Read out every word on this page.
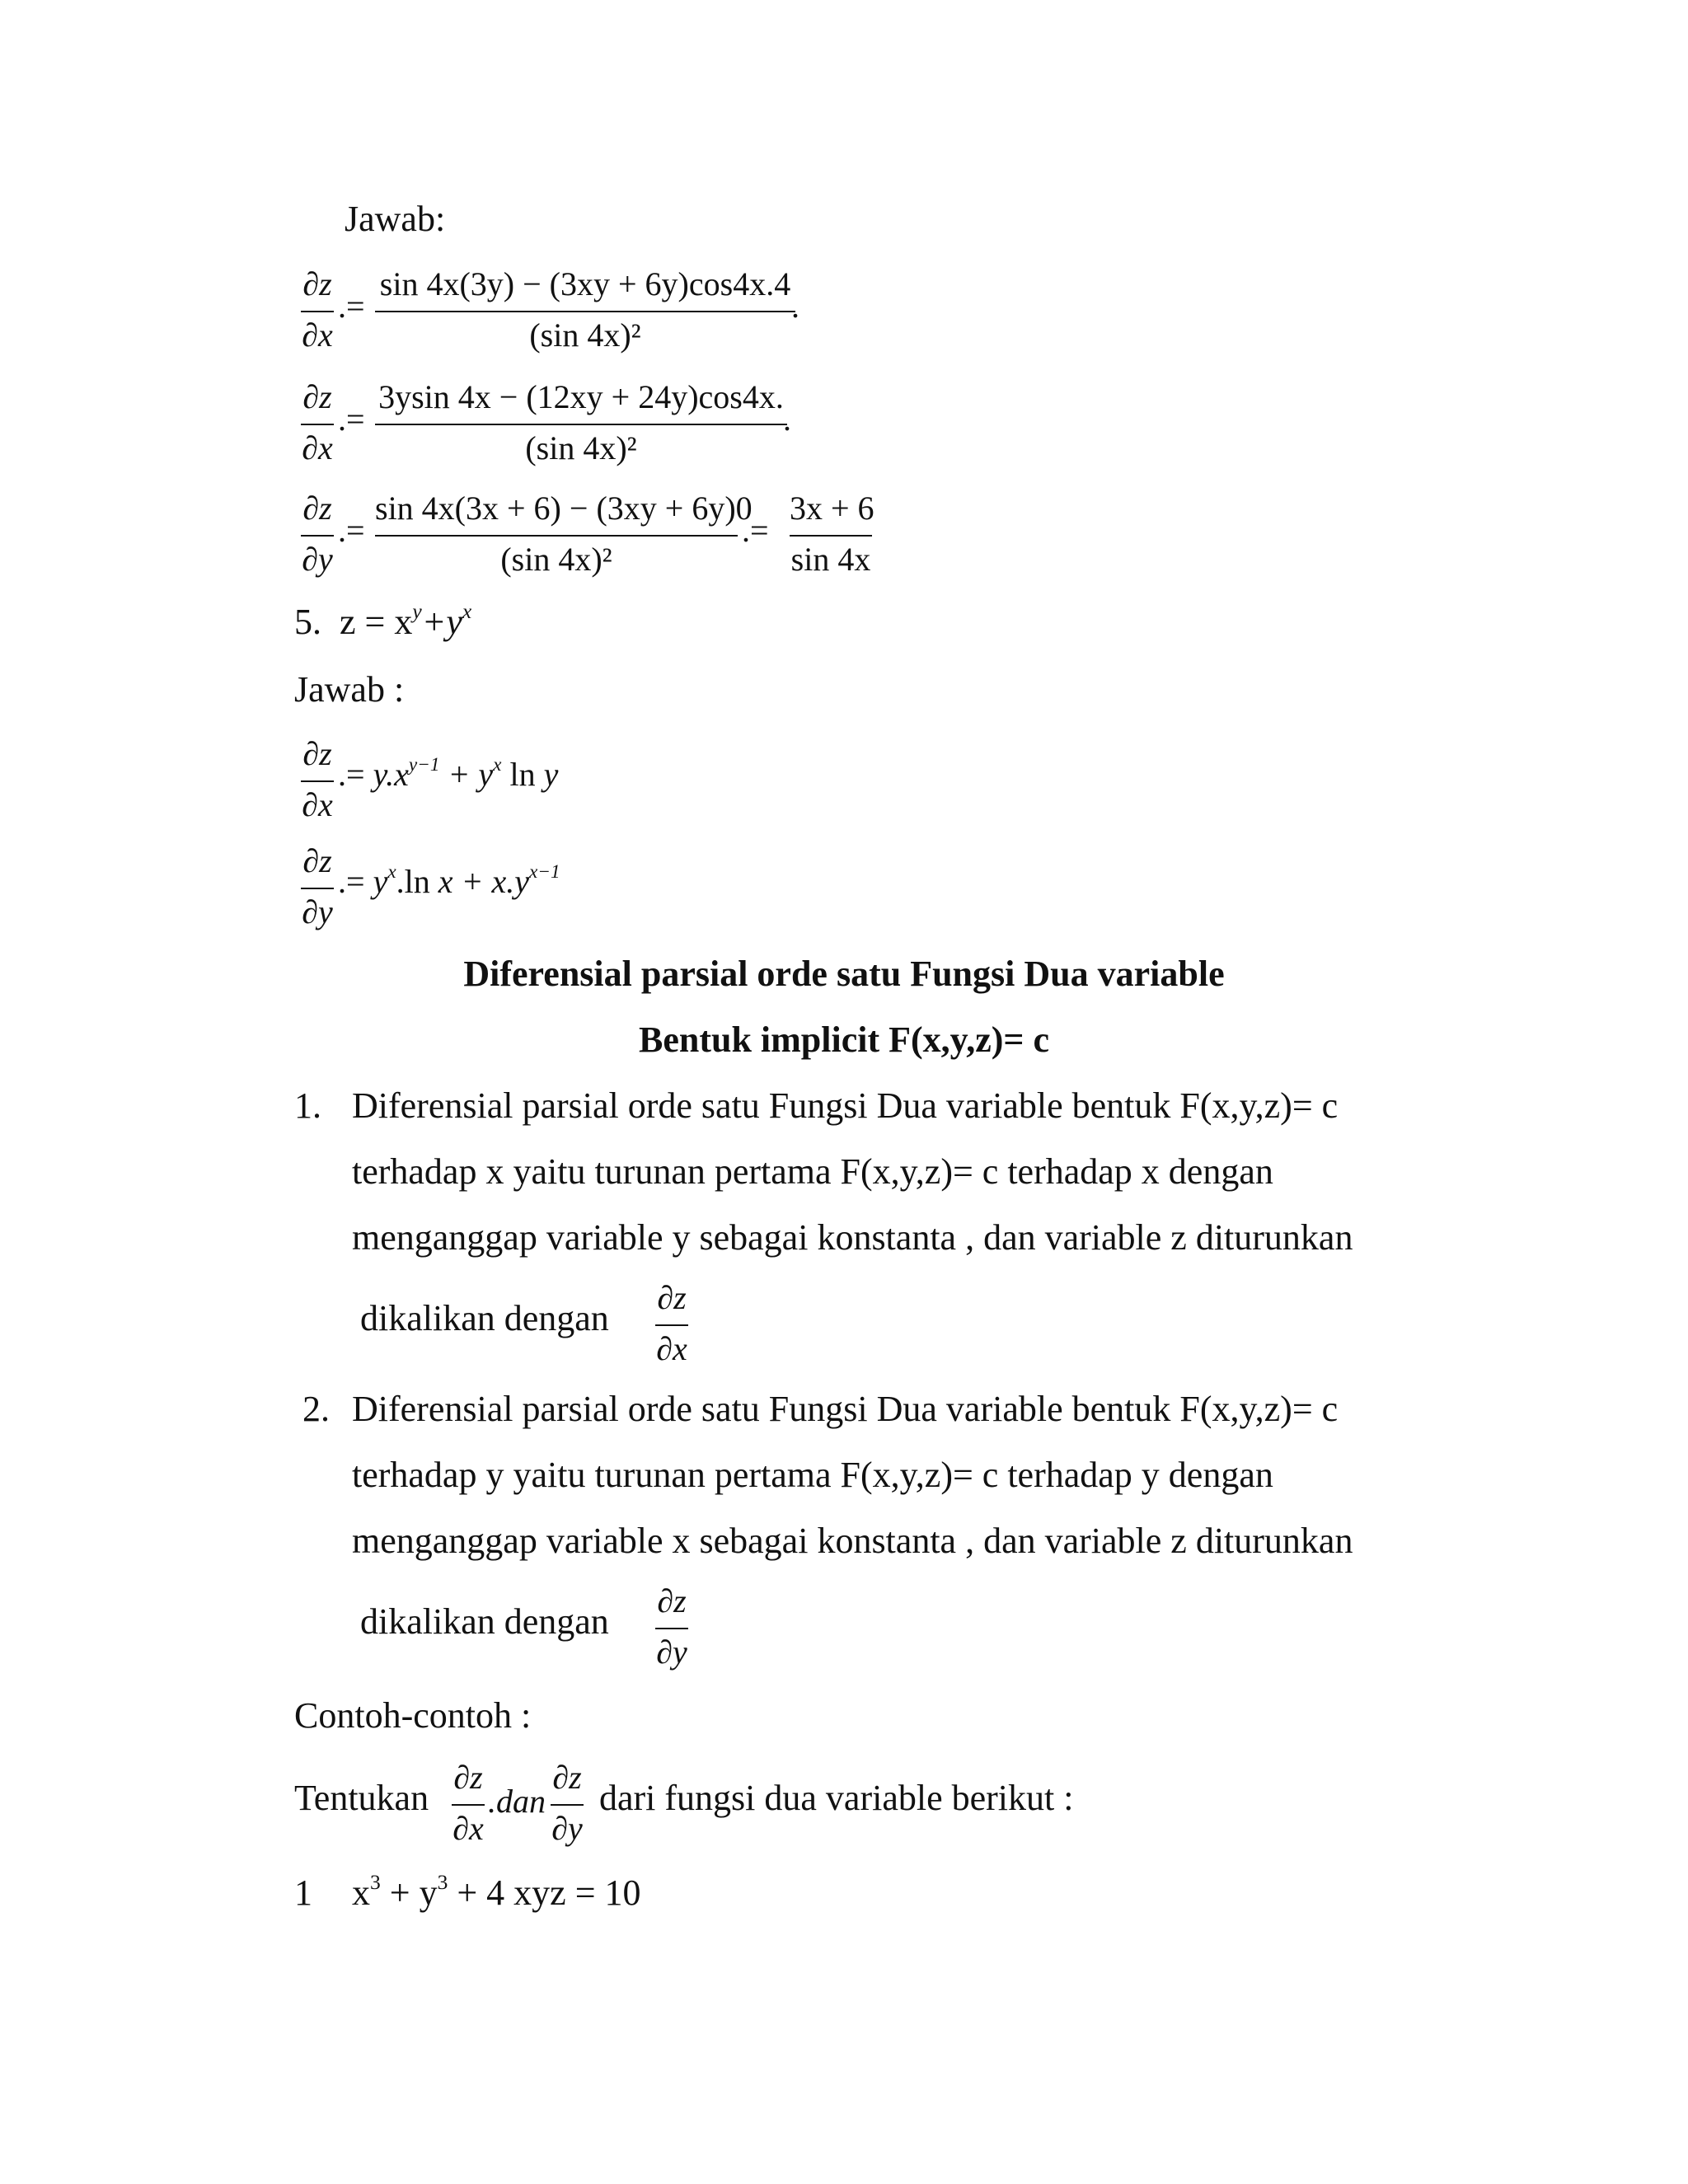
Jawab:
∂z
∂x
.=
sin 4x(3y) − (3xy + 6y)cos4x.4
(sin 4x)²
.
∂z
∂x
.=
3ysin 4x − (12xy + 24y)cos4x.
(sin 4x)²
.
∂z
∂y
.=
sin 4x(3x + 6) − (3xy + 6y)0
(sin 4x)²
.=
3x + 6
sin 4x
5. $z = x^y+y^x$
Jawab :
∂z
∂x
.= $y.x^{y-1} + y^x$ ln y
∂z
∂y
.= $y^x.\ln$ $x + x.y^{x-1}$
Diferensial parsial orde satu Fungsi Dua variable
Bentuk implicit F(x,y,z)= c
1. Diferensial parsial orde satu Fungsi Dua variable bentuk F(x,y,z)= c
terhadap x yaitu turunan pertama F(x,y,z)= c terhadap x dengan
menganggap variable y sebagai konstanta , dan variable z diturunkan
dikalikan dengan
∂z
∂x
2. Diferensial parsial orde satu Fungsi Dua variable bentuk F(x,y,z)= c
terhadap y yaitu turunan pertama F(x,y,z)= c terhadap y dengan
menganggap variable x sebagai konstanta , dan variable z diturunkan
dikalikan dengan
∂z
∂y
Contoh-contoh :
Tentukan
∂z
∂x
.dan
∂z
∂y
dari fungsi dua variable berikut :
1 $x^3 + y^3 + 4$ xyz = 10
